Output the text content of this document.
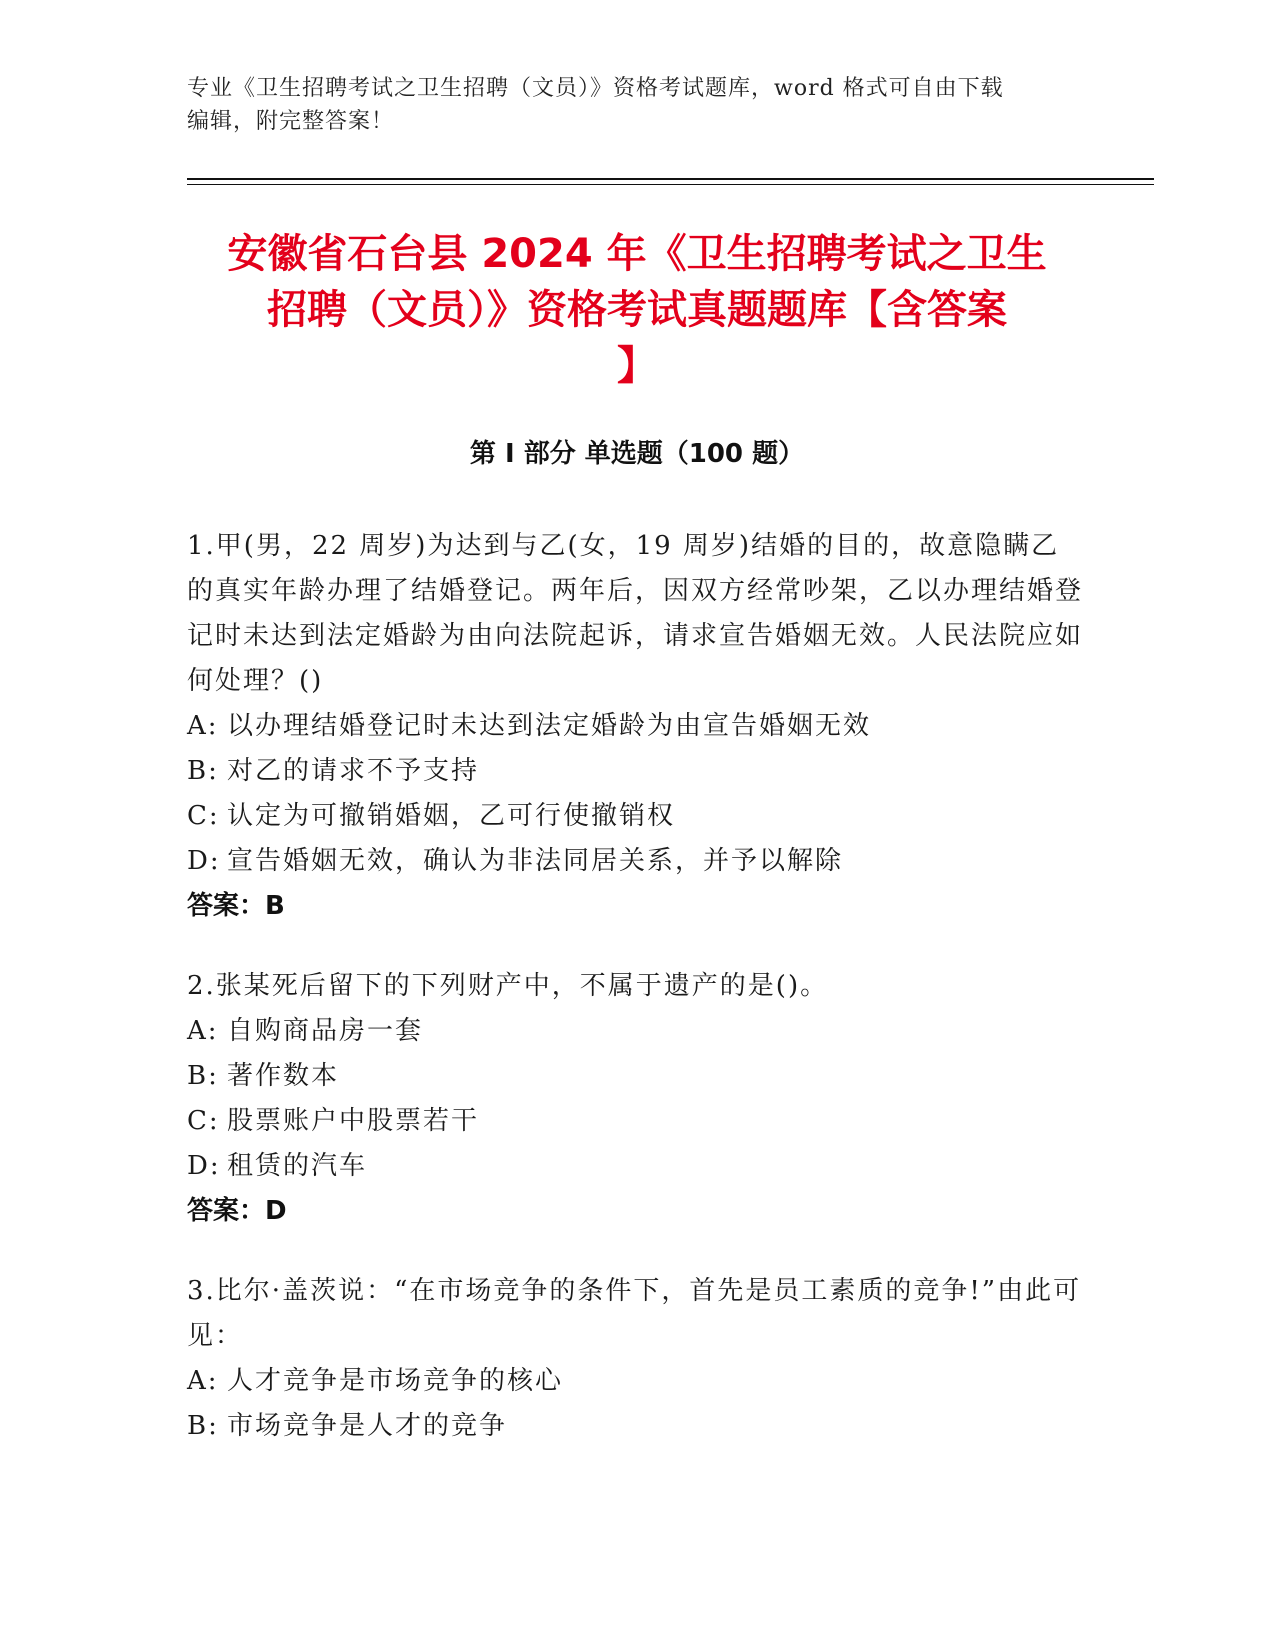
专业《卫生招聘考试之卫生招聘（文员）》资格考试题库，word 格式可自由下载
编辑，附完整答案！
安徽省石台县 2024 年《卫生招聘考试之卫生
招聘（文员）》资格考试真题题库【含答案
】
第 I 部分 单选题（100 题）

1.甲(男，22 周岁)为达到与乙(女，19 周岁)结婚的目的，故意隐瞒乙的真实年龄办理了结婚登记。两年后，因双方经常吵架，乙以办理结婚登记时未达到法定婚龄为由向法院起诉，请求宣告婚姻无效。人民法院应如何处理？()

A: 以办理结婚登记时未达到法定婚龄为由宣告婚姻无效

B: 对乙的请求不予支持

C: 认定为可撤销婚姻，乙可行使撤销权

D: 宣告婚姻无效，确认为非法同居关系，并予以解除

答案：B

2.张某死后留下的下列财产中，不属于遗产的是()。

A: 自购商品房一套

B: 著作数本

C: 股票账户中股票若干

D: 租赁的汽车

答案：D

3.比尔·盖茨说：“在市场竞争的条件下，首先是员工素质的竞争!”由此可见：

A: 人才竞争是市场竞争的核心

B: 市场竞争是人才的竞争
